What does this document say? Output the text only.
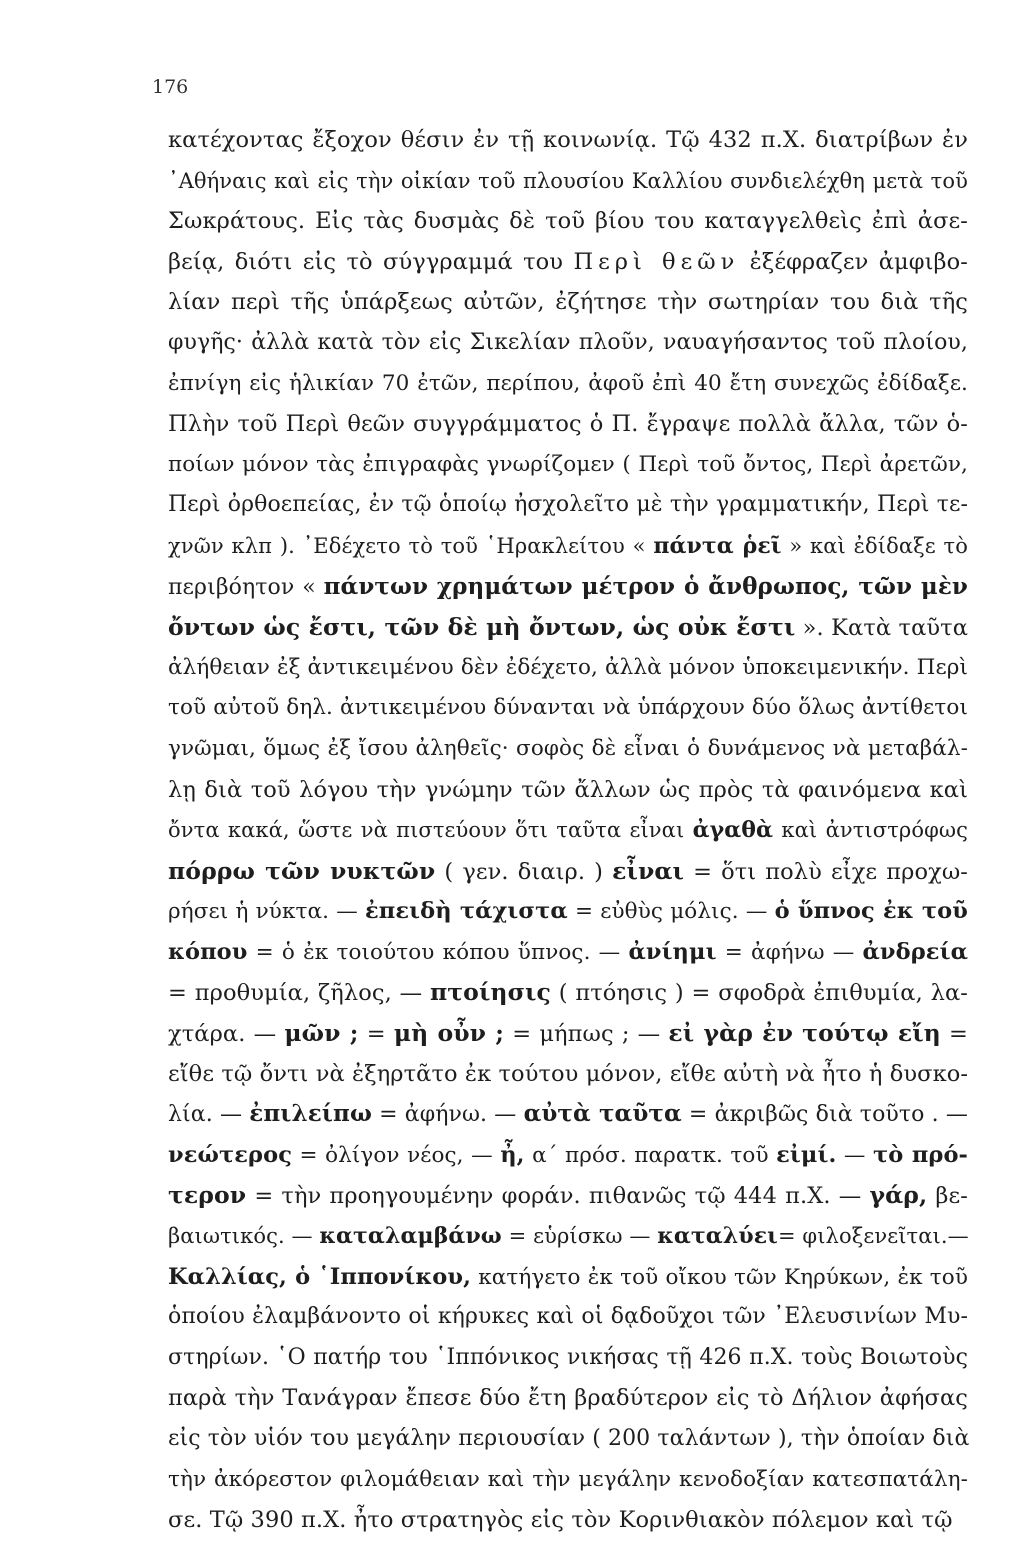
176
κατέχοντας ἔξοχον θέσιν ἐν τῇ κοινωνίᾳ. Τῷ 432 π.Χ. διατρίβων ἐν
᾽Αθήναις καὶ εἰς τὴν οἰκίαν τοῦ πλουσίου Καλλίου συνδιελέχθη μετὰ τοῦ
Σωκράτους. Εἰς τὰς δυσμὰς δὲ τοῦ βίου του καταγγελθεὶς ἐπὶ ἀσε-
βείᾳ, διότι εἰς τὸ σύγγραμμά του Περὶ θεῶν ἐξέφραζεν ἀμφιβο-
λίαν περὶ τῆς ὑπάρξεως αὐτῶν, ἐζήτησε τὴν σωτηρίαν του διὰ τῆς
φυγῆς· ἀλλὰ κατὰ τὸν εἰς Σικελίαν πλοῦν, ναυαγήσαντος τοῦ πλοίου,
ἐπνίγη εἰς ἡλικίαν 70 ἐτῶν, περίπου, ἀφοῦ ἐπὶ 40 ἔτη συνεχῶς ἐδίδαξε.
Πλὴν τοῦ Περὶ θεῶν συγγράμματος ὁ Π. ἔγραψε πολλὰ ἄλλα, τῶν ὁ-
ποίων μόνον τὰς ἐπιγραφὰς γνωρίζομεν ( Περὶ τοῦ ὄντος, Περὶ ἀρετῶν,
Περὶ ὀρθοεπείας, ἐν τῷ ὁποίῳ ἠσχολεῖτο μὲ τὴν γραμματικήν, Περὶ τε-
χνῶν κλπ ). ᾽Εδέχετο τὸ τοῦ ῾Ηρακλείτου « πάντα ῥεῖ » καὶ ἐδίδαξε τὸ
περιβόητον « πάντων χρημάτων μέτρον ὁ ἄνθρωπος, τῶν μὲν
ὄντων ὡς ἔστι, τῶν δὲ μὴ ὄντων, ὡς οὐκ ἔστι ». Κατὰ ταῦτα
ἀλήθειαν ἐξ ἀντικειμένου δὲν ἐδέχετο, ἀλλὰ μόνον ὑποκειμενικήν. Περὶ
τοῦ αὐτοῦ δηλ. ἀντικειμένου δύνανται νὰ ὑπάρχουν δύο ὅλως ἀντίθετοι
γνῶμαι, ὅμως ἐξ ἴσου ἀληθεῖς· σοφὸς δὲ εἶναι ὁ δυνάμενος νὰ μεταβάλ-
λῃ διὰ τοῦ λόγου τὴν γνώμην τῶν ἄλλων ὡς πρὸς τὰ φαινόμενα καὶ
ὄντα κακά, ὥστε νὰ πιστεύουν ὅτι ταῦτα εἶναι ἀγαθὰ καὶ ἀντιστρόφως
πόρρω τῶν νυκτῶν ( γεν. διαιρ. ) εἶναι = ὅτι πολὺ εἶχε προχω-
ρήσει ἡ νύκτα. — ἐπειδὴ τάχιστα = εὐθὺς μόλις. — ὁ ὕπνος ἐκ τοῦ
κόπου = ὁ ἐκ τοιούτου κόπου ὕπνος. — ἀνίημι = ἀφήνω — ἀνδρεία
= προθυμία, ζῆλος, — πτοίησις ( πτόησις ) = σφοδρὰ ἐπιθυμία, λα-
χτάρα. — μῶν ; = μὴ οὖν ; = μήπως ; — εἰ γὰρ ἐν τούτῳ εἴη =
εἴθε τῷ ὄντι νὰ ἐξηρτᾶτο ἐκ τούτου μόνον, εἴθε αὐτὴ νὰ ἦτο ἡ δυσκο-
λία. — ἐπιλείπω = ἀφήνω. — αὐτὰ ταῦτα = ἀκριβῶς διὰ τοῦτο . —
νεώτερος = ὀλίγον νέος, — ἦ, α´ πρόσ. παρατκ. τοῦ εἰμί. — τὸ πρό-
τερον = τὴν προηγουμένην φοράν. πιθανῶς τῷ 444 π.Χ. — γάρ, βε-
βαιωτικός. — καταλαμβάνω = εὑρίσκω — καταλύει= φιλοξενεῖται.—
Καλλίας, ὁ ῾Ιππονίκου, κατήγετο ἐκ τοῦ οἴκου τῶν Κηρύκων, ἐκ τοῦ
ὁποίου ἐλαμβάνοντο οἱ κήρυκες καὶ οἱ δᾳδοῦχοι τῶν ᾽Ελευσινίων Μυ-
στηρίων. ῾Ο πατήρ του ῾Ιππόνικος νικήσας τῇ 426 π.Χ. τοὺς Βοιωτοὺς
παρὰ τὴν Τανάγραν ἔπεσε δύο ἔτη βραδύτερον εἰς τὸ Δήλιον ἀφήσας
εἰς τὸν υἱόν του μεγάλην περιουσίαν ( 200 ταλάντων ), τὴν ὁποίαν διὰ
τὴν ἀκόρεστον φιλομάθειαν καὶ τὴν μεγάλην κενοδοξίαν κατεσπατάλη-
σε. Τῷ 390 π.Χ. ἦτο στρατηγὸς εἰς τὸν Κορινθιακὸν πόλεμον καὶ τῷ
